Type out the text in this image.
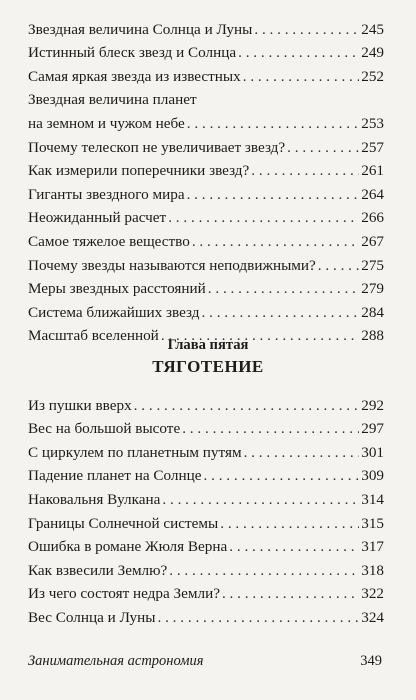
Звездная величина Солнца и Луны . . .	245
Истинный блеск звезд и Солнца . . .	249
Самая яркая звезда из известных . . .	252
Звездная величина планет
на земном и чужом небе . . .	253
Почему телескоп не увеличивает звезд? . . .	257
Как измерили поперечники звезд? . . .	261
Гиганты звездного мира . . .	264
Неожиданный расчет . . .	266
Самое тяжелое вещество . . .	267
Почему звезды называются неподвижными? . . .	275
Меры звездных расстояний . . .	279
Система ближайших звезд . . .	284
Масштаб вселенной . . .	288
Глава пятая
ТЯГОТЕНИЕ
Из пушки вверх . . .	292
Вес на большой высоте . . .	297
С циркулем по планетным путям . . .	301
Падение планет на Солнце . . .	309
Наковальня Вулкана . . .	314
Границы Солнечной системы . . .	315
Ошибка в романе Жюля Верна . . .	317
Как взвесили Землю? . . .	318
Из чего состоят недра Земли? . . .	322
Вес Солнца и Луны . . .	324
Занимательная астрономия	349
